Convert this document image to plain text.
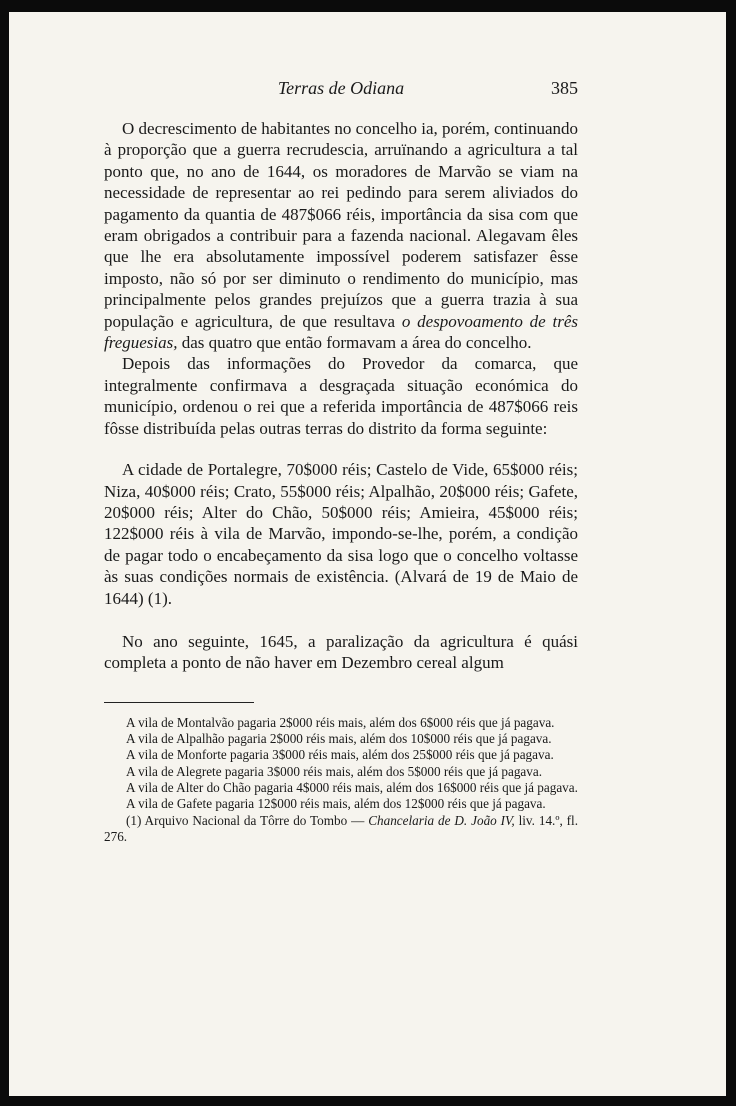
Terras de Odiana	385

O decrescimento de habitantes no concelho ia, porém, continuando à proporção que a guerra recrudescia, arruïnando a agricultura a tal ponto que, no ano de 1644, os moradores de Marvão se viam na necessidade de representar ao rei pedindo para serem aliviados do pagamento da quantia de 487$066 réis, importância da sisa com que eram obrigados a contribuir para a fazenda nacional. Alegavam êles que lhe era absolutamente impossível poderem satisfazer êsse imposto, não só por ser diminuto o rendimento do município, mas principalmente pelos grandes prejuízos que a guerra trazia à sua população e agricultura, de que resultava o despovoamento de três freguesias, das quatro que então formavam a área do concelho.

Depois das informações do Provedor da comarca, que integralmente confirmava a desgraçada situação económica do município, ordenou o rei que a referida importância de 487$066 reis fôsse distribuída pelas outras terras do distrito da forma seguinte:

A cidade de Portalegre, 70$000 réis; Castelo de Vide, 65$000 réis; Niza, 40$000 réis; Crato, 55$000 réis; Alpalhão, 20$000 réis; Gafete, 20$000 réis; Alter do Chão, 50$000 réis; Amieira, 45$000 réis; 122$000 réis à vila de Marvão, impondo-se-lhe, porém, a condição de pagar todo o encabeçamento da sisa logo que o concelho voltasse às suas condições normais de existência. (Alvará de 19 de Maio de 1644) (1).

No ano seguinte, 1645, a paralização da agricultura é quási completa a ponto de não haver em Dezembro cereal algum

A vila de Montalvão pagaria 2$000 réis mais, além dos 6$000 réis que já pagava.

A vila de Alpalhão pagaria 2$000 réis mais, além dos 10$000 réis que já pagava.

A vila de Monforte pagaria 3$000 réis mais, além dos 25$000 réis que já pagava.

A vila de Alegrete pagaria 3$000 réis mais, além dos 5$000 réis que já pagava.

A vila de Alter do Chão pagaria 4$000 réis mais, além dos 16$000 réis que já pagava.

A vila de Gafete pagaria 12$000 réis mais, além dos 12$000 réis que já pagava.

(1) Arquivo Nacional da Tôrre do Tombo — Chancelaria de D. João IV, liv. 14.º, fl. 276.
